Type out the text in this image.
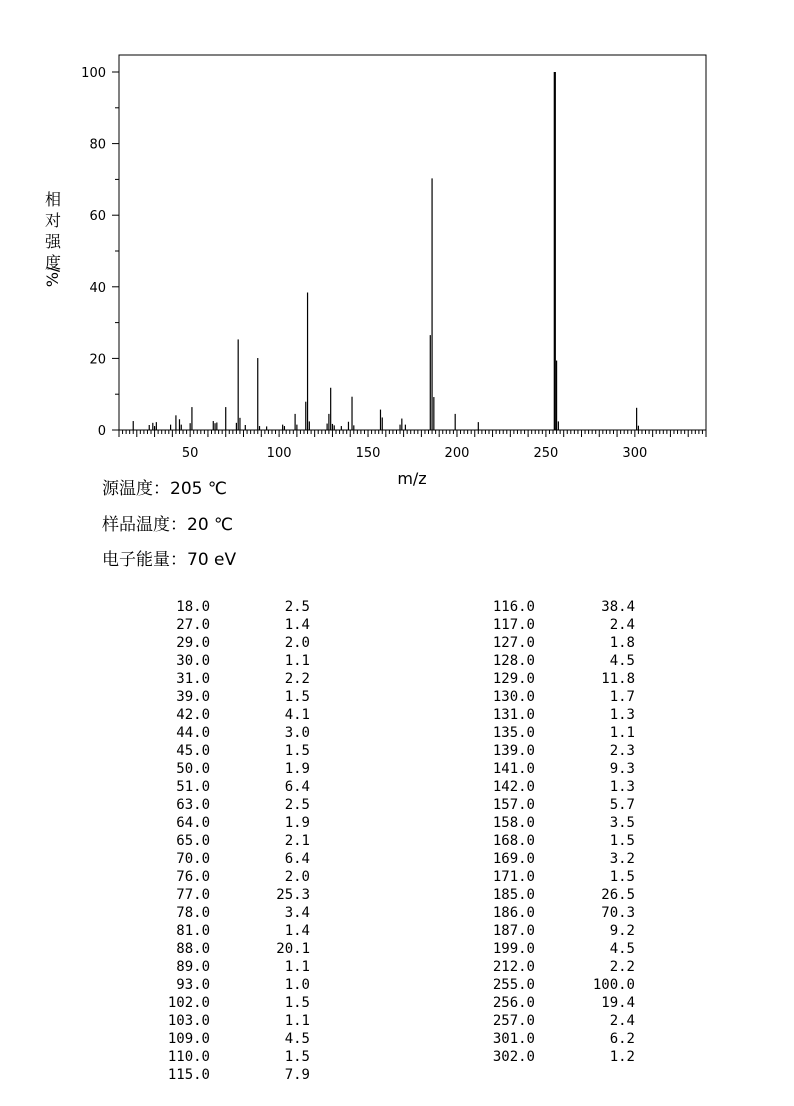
相
对
强
度
%/
m/z
50	100	150	200	250	300
0
20
40
60
80
100
源温度：205 ℃
样品温度：20 ℃
电子能量：70 eV
18.0	2.5
27.0	1.4
29.0	2.0
30.0	1.1
31.0	2.2
39.0	1.5
42.0	4.1
44.0	3.0
45.0	1.5
50.0	1.9
51.0	6.4
63.0	2.5
64.0	1.9
65.0	2.1
70.0	6.4
76.0	2.0
77.0	25.3
78.0	3.4
81.0	1.4
88.0	20.1
89.0	1.1
93.0	1.0
102.0	1.5
103.0	1.1
109.0	4.5
110.0	1.5
115.0	7.9
116.0	38.4
117.0	2.4
127.0	1.8
128.0	4.5
129.0	11.8
130.0	1.7
131.0	1.3
135.0	1.1
139.0	2.3
141.0	9.3
142.0	1.3
157.0	5.7
158.0	3.5
168.0	1.5
169.0	3.2
171.0	1.5
185.0	26.5
186.0	70.3
187.0	9.2
199.0	4.5
212.0	2.2
255.0	100.0
256.0	19.4
257.0	2.4
301.0	6.2
302.0	1.2
